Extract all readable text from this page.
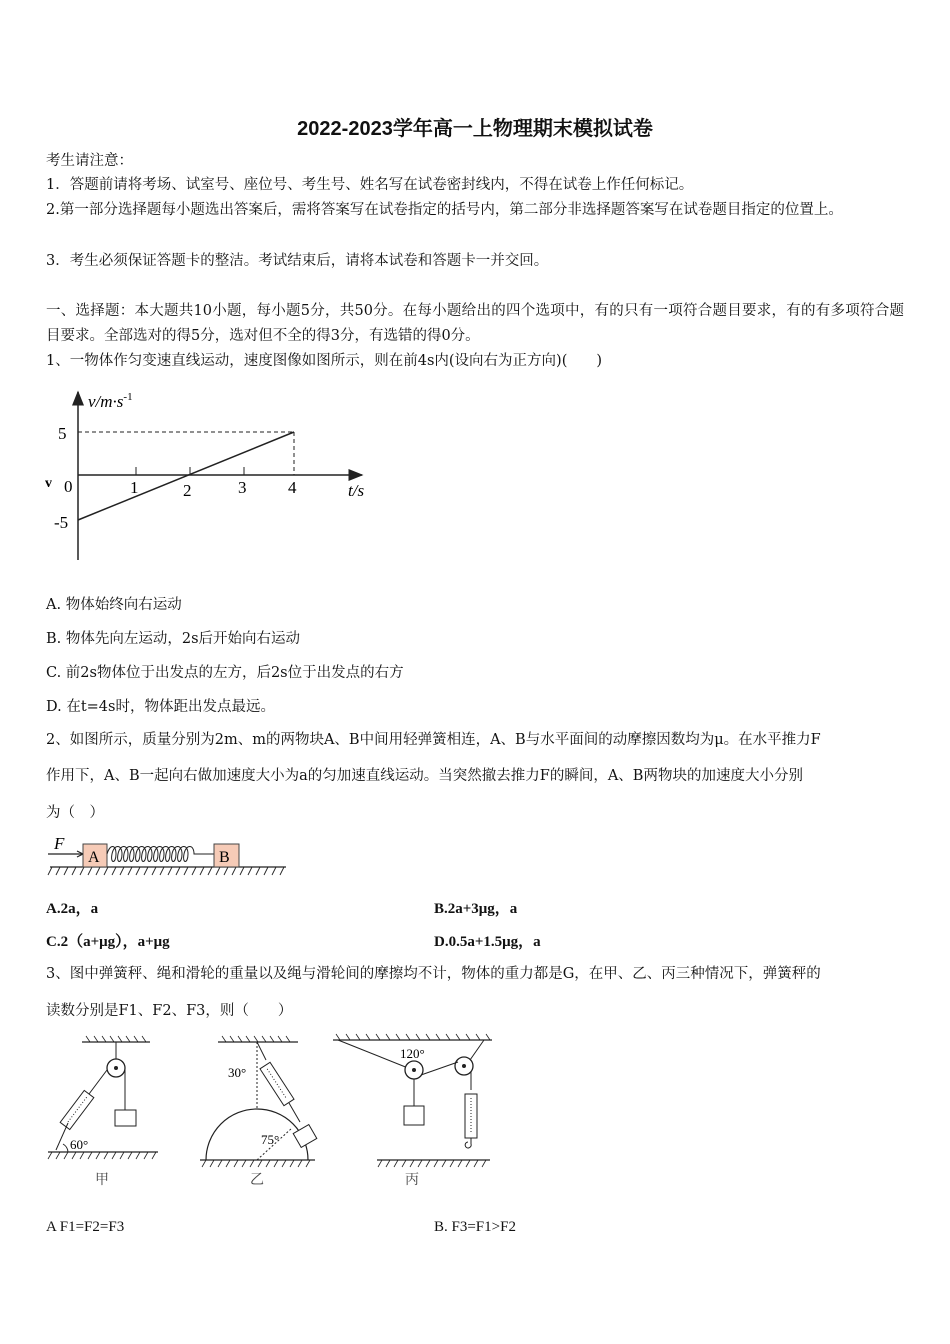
2022-2023学年高一上物理期末模拟试卷
考生请注意：
1．答题前请将考场、试室号、座位号、考生号、姓名写在试卷密封线内，不得在试卷上作任何标记。
2.第一部分选择题每小题选出答案后，需将答案写在试卷指定的括号内，第二部分非选择题答案写在试卷题目指定的位置上。
3．考生必须保证答题卡的整洁。考试结束后，请将本试卷和答题卡一并交回。
一、选择题：本大题共10小题，每小题5分，共50分。在每小题给出的四个选项中，有的只有一项符合题目要求，有的有多项符合题目要求。全部选对的得5分，选对但不全的得3分，有选错的得0分。
1、一物体作匀变速直线运动，速度图像如图所示，则在前4s内(设向右为正方向)(　　)
$v/m\cdot s^{-1}$
5
-5
0
v	1	2	3 4	t/s
A. 物体始终向右运动
B. 物体先向左运动，2s后开始向右运动
C. 前2s物体位于出发点的左方，后2s位于出发点的右方
D. 在t=4s时，物体距出发点最远。
2、如图所示，质量分别为2m、m的两物块A、B中间用轻弹簧相连，A、B与水平面间的动摩擦因数均为μ。在水平推力F
作用下，A、B一起向右做加速度大小为a的匀加速直线运动。当突然撤去推力F的瞬间，A、B两物块的加速度大小分别
为（　）
F
A	B
A.2a，a	B.2a+3μg，a
C.2（a+μg），a+μg	D.0.5a+1.5μg，a
3、图中弹簧秤、绳和滑轮的重量以及绳与滑轮间的摩擦均不计，物体的重力都是G，在甲、乙、丙三种情况下，弹簧秤的
读数分别是F1、F2、F3，则（　　）
60°
甲
30°
75°
乙
120°
丙
A F1=F2=F3	B. F3=F1>F2
